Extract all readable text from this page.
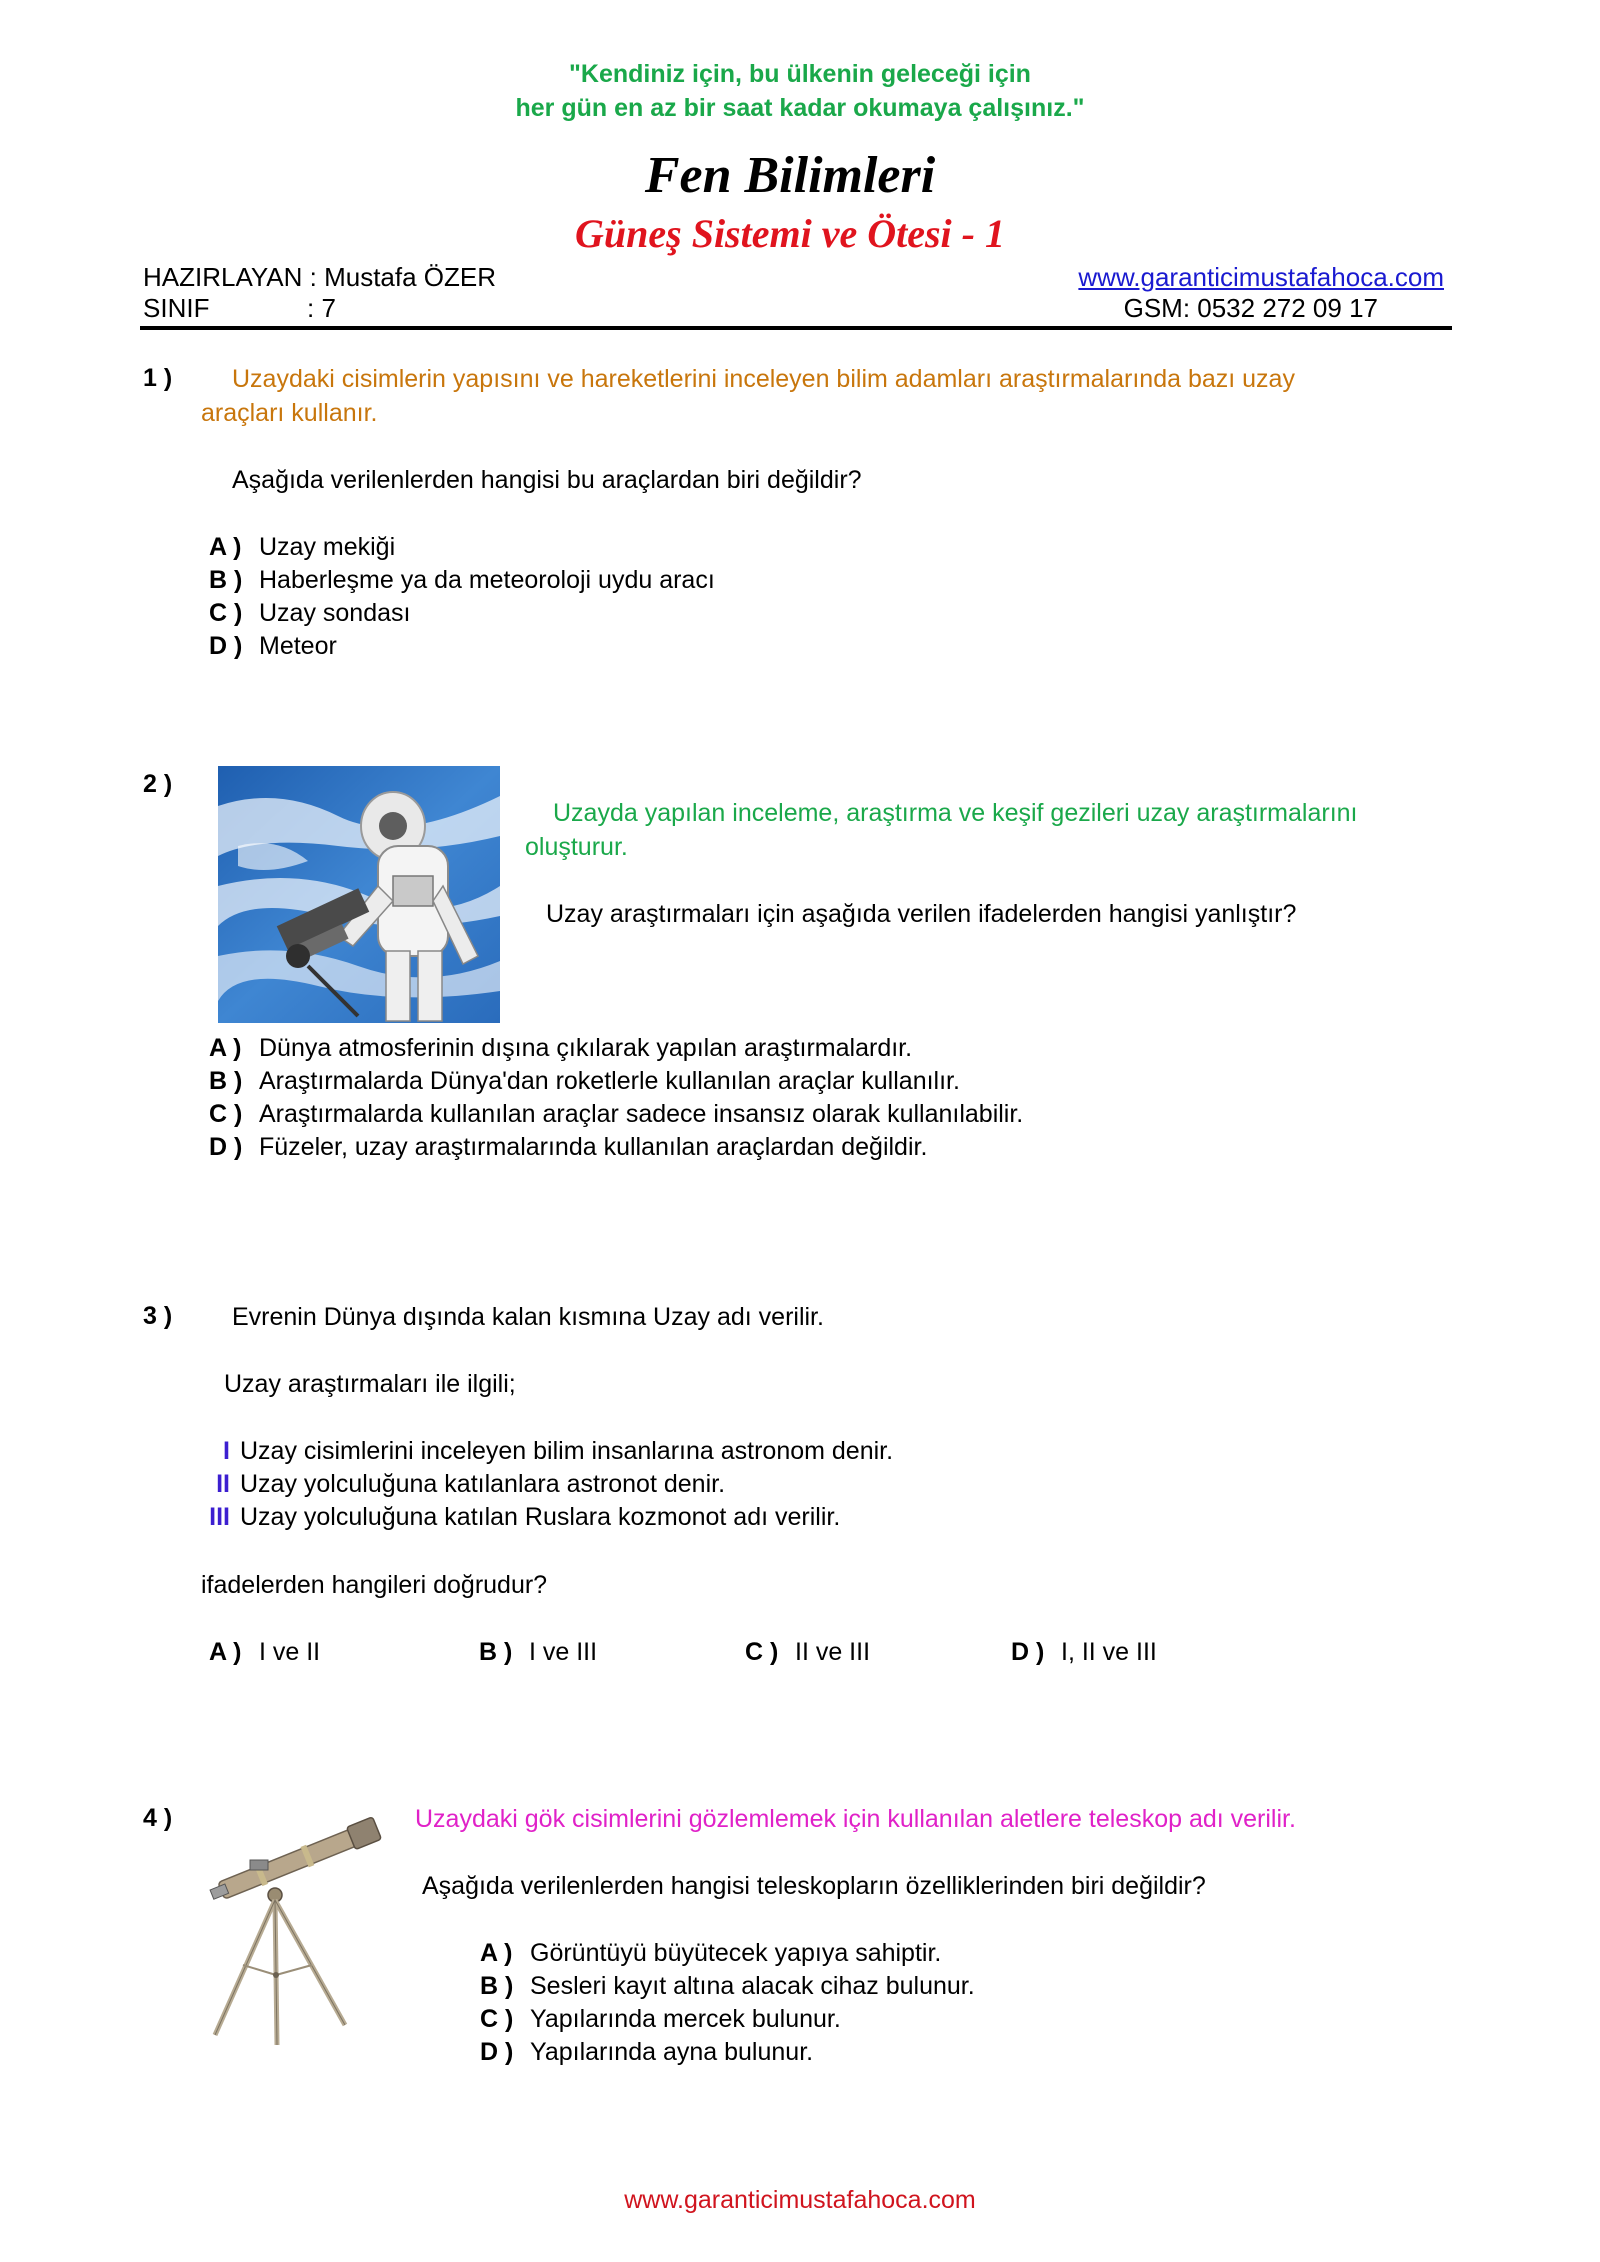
"Kendiniz için, bu ülkenin geleceği için
her gün en az bir saat kadar okumaya çalışınız."
Fen Bilimleri
Güneş Sistemi ve Ötesi - 1
HAZIRLAYAN : Mustafa ÖZER	www.garanticimustafahoca.com
SINIF	: 7	GSM: 0532 272 09 17
1 ) Uzaydaki cisimlerin yapısını ve hareketlerini inceleyen bilim adamları araştırmalarında bazı uzay
araçları kullanır.
Aşağıda verilenlerden hangisi bu araçlardan biri değildir?
A ) Uzay mekiği
B ) Haberleşme ya da meteoroloji uydu aracı
C ) Uzay sondası
D ) Meteor
2 )
Uzayda yapılan inceleme, araştırma ve keşif gezileri uzay araştırmalarını
oluşturur.
Uzay araştırmaları için aşağıda verilen ifadelerden hangisi yanlıştır?
A ) Dünya atmosferinin dışına çıkılarak yapılan araştırmalardır.
B ) Araştırmalarda Dünya'dan roketlerle kullanılan araçlar kullanılır.
C ) Araştırmalarda kullanılan araçlar sadece insansız olarak kullanılabilir.
D ) Füzeler, uzay araştırmalarında kullanılan araçlardan değildir.
3 ) Evrenin Dünya dışında kalan kısmına Uzay adı verilir.
Uzay araştırmaları ile ilgili;
I Uzay cisimlerini inceleyen bilim insanlarına astronom denir.
II Uzay yolculuğuna katılanlara astronot denir.
III Uzay yolculuğuna katılan Ruslara kozmonot adı verilir.
ifadelerden hangileri doğrudur?
A ) I ve II	B ) I ve III	C ) II ve III	D ) I, II ve III
4 )	Uzaydaki gök cisimlerini gözlemlemek için kullanılan aletlere teleskop adı verilir.
Aşağıda verilenlerden hangisi teleskopların özelliklerinden biri değildir?
A ) Görüntüyü büyütecek yapıya sahiptir.
B ) Sesleri kayıt altına alacak cihaz bulunur.
C ) Yapılarında mercek bulunur.
D ) Yapılarında ayna bulunur.
www.garanticimustafahoca.com
